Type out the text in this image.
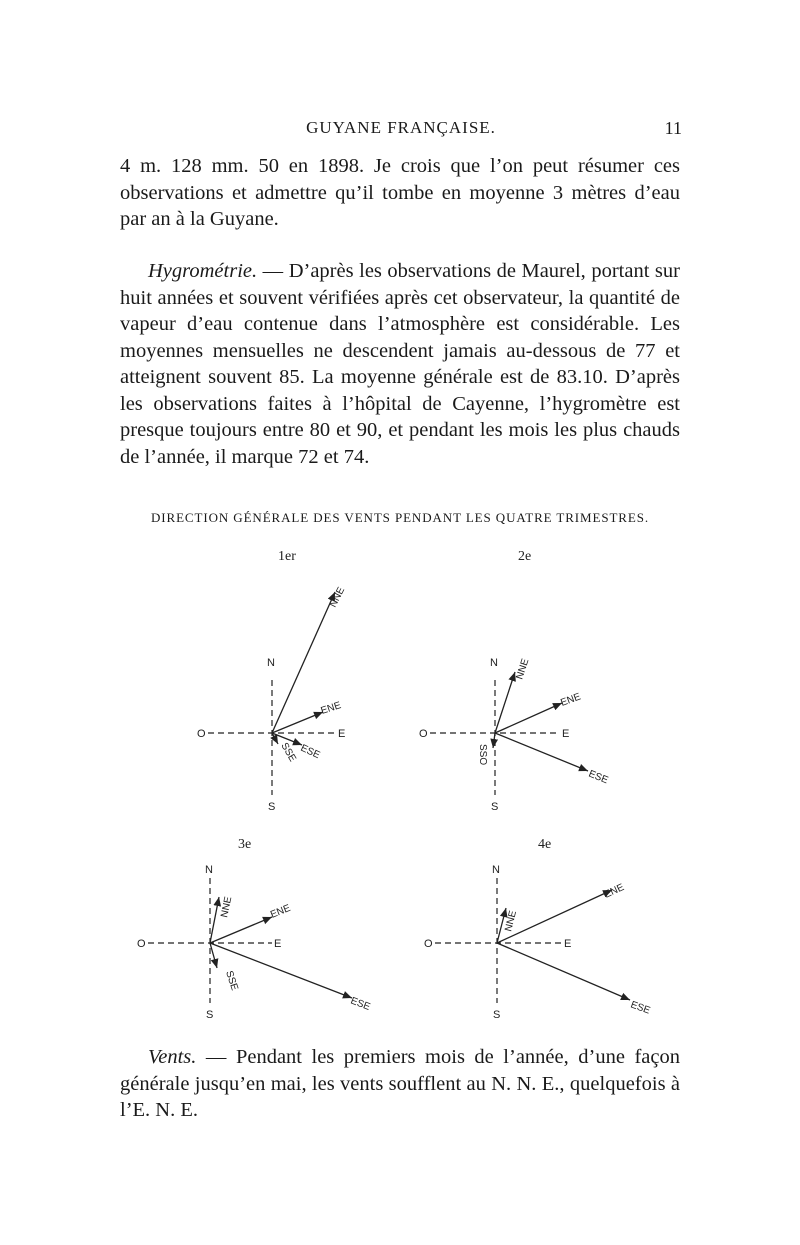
GUYANE FRANÇAISE.	11

4 m. 128 mm. 50 en 1898. Je crois que l’on peut résumer ces observations et admettre qu’il tombe en moyenne 3 mètres d’eau par an à la Guyane.

Hygrométrie. — D’après les observations de Maurel, portant sur huit années et souvent vérifiées après cet observateur, la quantité de vapeur d’eau contenue dans l’atmosphère est considérable. Les moyennes mensuelles ne descendent jamais au-dessous de 77 et atteignent souvent 85. La moyenne générale est de 83.10. D’après les observations faites à l’hôpital de Cayenne, l’hygromètre est presque toujours entre 80 et 90, et pendant les mois les plus chauds de l’année, il marque 72 et 74.

DIRECTION GÉNÉRALE DES VENTS PENDANT LES QUATRE TRIMESTRES.
1er
N
S
O	E
NNE
ENE
ESE
SSE
2e
N
S
O	E
NNE
ENE
ESE
SSO
3e
N
S
O	E
NNE	ENE
ESE
SSE
4e
N
S
O	E
NNE
ENE
ESE

Vents. — Pendant les premiers mois de l’année, d’une façon générale jusqu’en mai, les vents soufflent au N. N. E., quelquefois à l’E. N. E.
